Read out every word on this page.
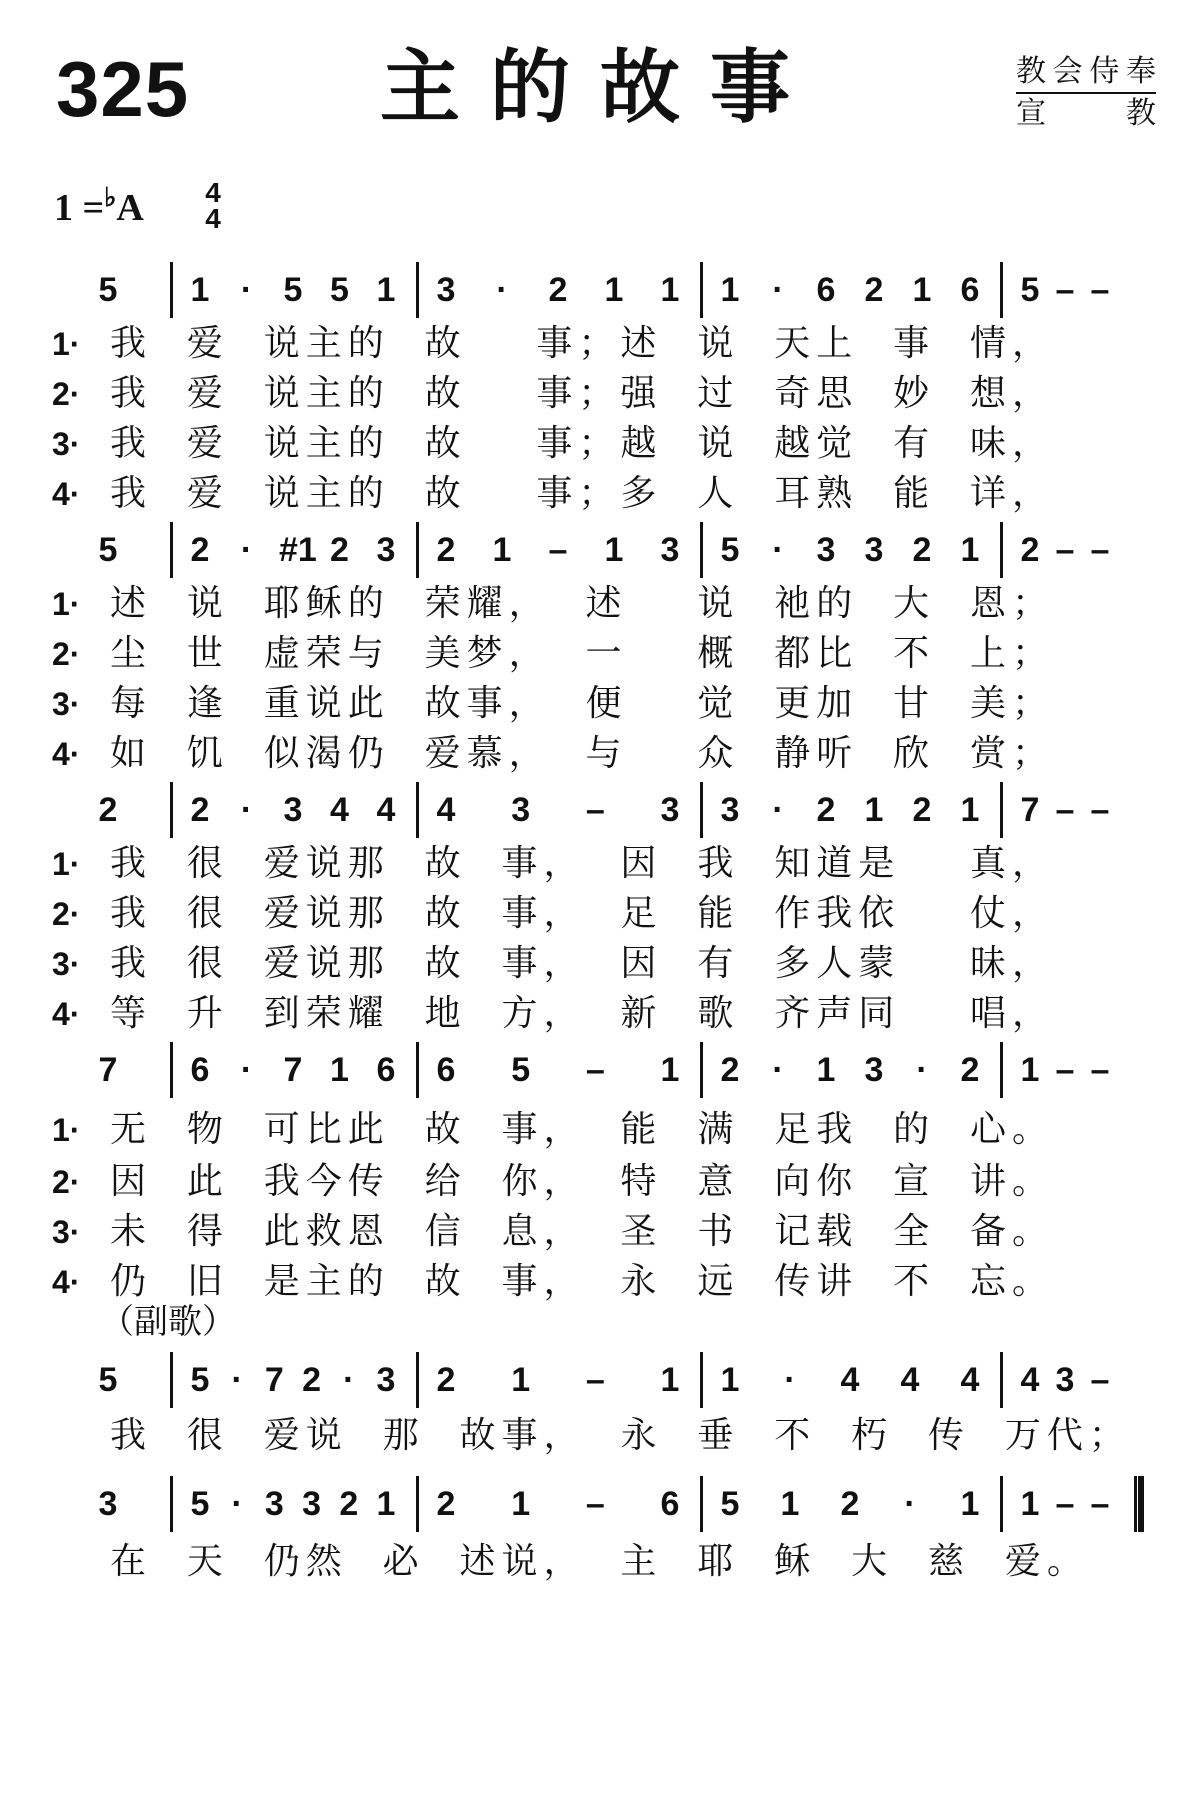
325	主的故事	教会侍奉
宣　教
1 =♭A 4
4
5 1 · 5 5 1 3 · 2 1 1 1 · 6 2 1 6 5 – –
1· 我  爱  说主的  故    事；述  说  天上  事  情，
2· 我  爱  说主的  故    事；强  过  奇思  妙  想，
3· 我  爱  说主的  故    事；越  说  越觉  有  味，
4· 我  爱  说主的  故    事；多  人  耳熟  能  详，
5 2 · #1 2 3 2 1 – 1 3 5 · 3 3 2 1 2 – –
1· 述  说  耶稣的  荣耀，  述    说  祂的  大  恩；
2· 尘  世  虚荣与  美梦，  一    概  都比  不  上；
3· 每  逢  重说此  故事，  便    觉  更加  甘  美；
4· 如  饥  似渴仍  爱慕，  与    众  静听  欣  赏；
2 2 · 3 4 4 4 3 – 3 3 · 2 1 2 1 7 – –
1· 我  很  爱说那  故  事，  因  我  知道是    真，
2· 我  很  爱说那  故  事，  足  能  作我依    仗，
3· 我  很  爱说那  故  事，  因  有  多人蒙    昧，
4· 等  升  到荣耀  地  方，  新  歌  齐声同    唱，
7 6 · 7 1 6 6 5 – 1 2 · 1 3 · 2 1 – –
1· 无  物  可比此  故  事，  能  满  足我  的  心。
2· 因  此  我今传  给  你，  特  意  向你  宣  讲。
3· 未  得  此救恩  信  息，  圣  书  记载  全  备。
4· 仍  旧  是主的  故  事，  永  远  传讲  不  忘。
（副歌）
5 5 · 7 2 · 3 2 1 – 1 1 · 4 4 4 4 3 –
我  很  爱说  那  故事，  永  垂  不  朽  传  万代；
3 5 · 3 3 2 1 2 1 – 6 5 1 2 · 1 1 – –
在  天  仍然  必  述说，  主  耶  稣  大  慈  爱。
